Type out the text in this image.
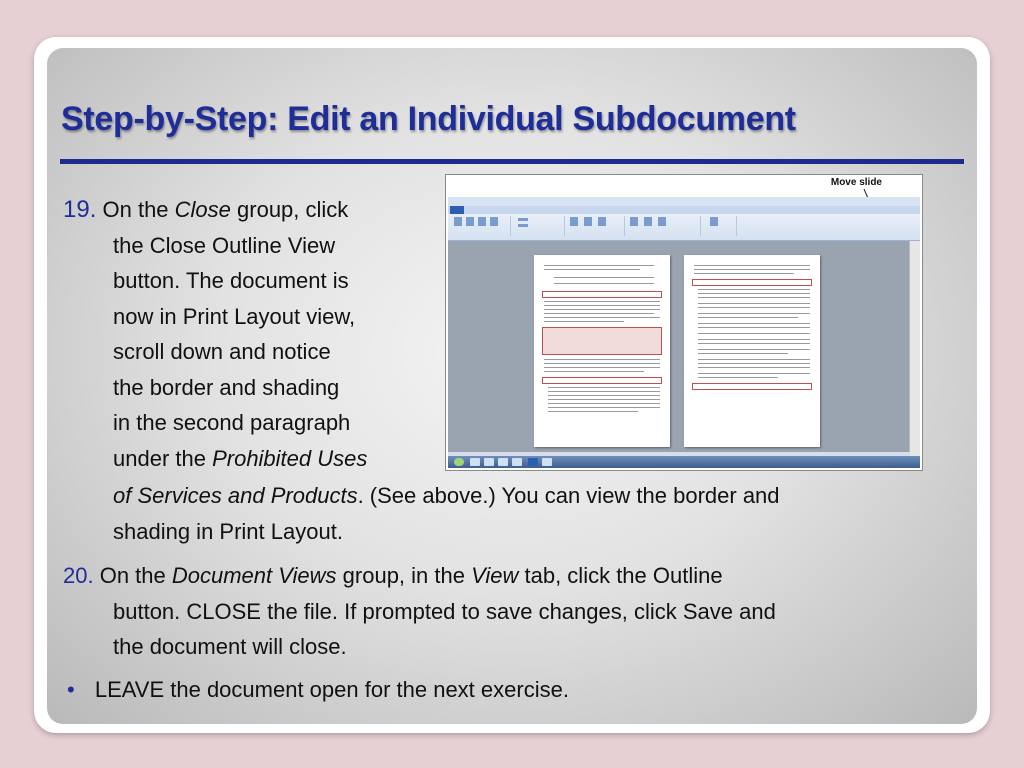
Step-by-Step: Edit an Individual Subdocument
Move slide
19. On the Close group, click
the Close Outline View
button. The document is
now in Print Layout view,
scroll down and notice
the border and shading
in the second paragraph
under the Prohibited Uses
of Services and Products. (See above.) You can view the border and
shading in Print Layout.
20. On the Document Views group, in the View tab, click the Outline
button. CLOSE the file. If prompted to save changes, click Save and
the document will close.
• LEAVE the document open for the next exercise.
